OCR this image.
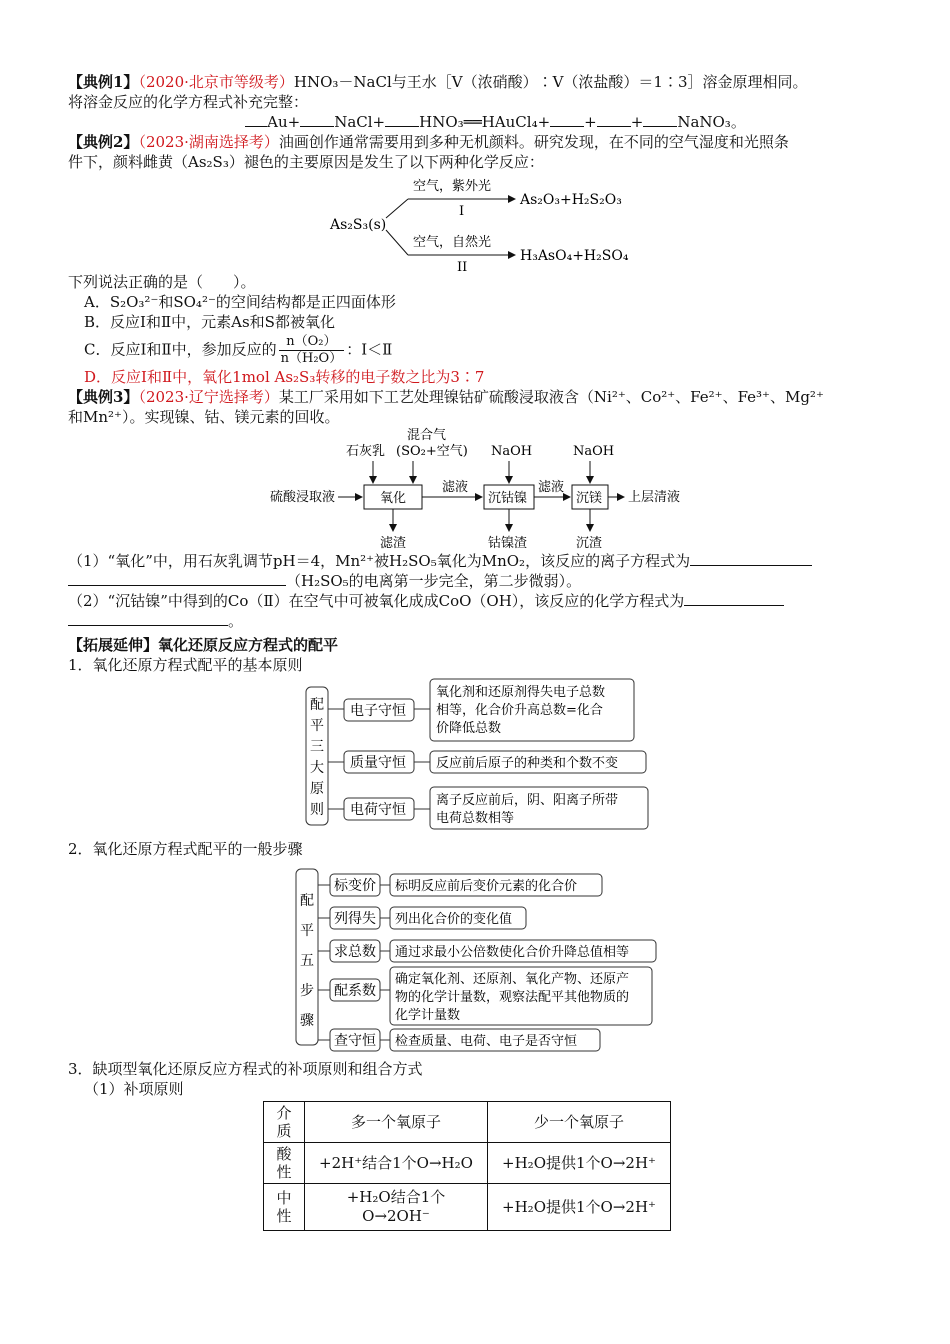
【典例1】（2020·北京市等级考）HNO₃－NaCl与王水［V（浓硝酸）∶V（浓盐酸）＝1∶3］溶金原理相同。

将溶金反应的化学方程式补充完整：

Au+ NaCl+ HNO₃══HAuCl₄+ + + NaNO₃。

【典例2】（2023·湖南选择考）油画创作通常需要用到多种无机颜料。研究发现，在不同的空气湿度和光照条

件下，颜料雌黄（As₂S₃）褪色的主要原因是发生了以下两种化学反应：

As₂S₃(s)
空气，紫外光
I
As₂O₃+H₂S₂O₃
空气，自然光
II
H₃AsO₄+H₂SO₄

下列说法正确的是（　　）。

A．S₂O₃²⁻和SO₄²⁻的空间结构都是正四面体形

B．反应Ⅰ和Ⅱ中，元素As和S都被氧化

C．反应Ⅰ和Ⅱ中，参加反应的 $\frac{\text{n（O₂）}}{\text{n（H₂O）}}$ ：Ⅰ＜Ⅱ

D．反应Ⅰ和Ⅱ中，氧化1mol As₂S₃转移的电子数之比为3∶7

【典例3】（2023·辽宁选择考）某工厂采用如下工艺处理镍钴矿硫酸浸取液含（Ni²⁺、Co²⁺、Fe²⁺、Fe³⁺、Mg²⁺

和Mn²⁺）。实现镍、钴、镁元素的回收。

硫酸浸取液	氧化
石灰乳
混合气
(SO₂+空气)
滤渣
滤液
沉钴镍
NaOH
钴镍渣
滤液
沉镁
NaOH
沉渣
上层清液

（1）“氧化”中，用石灰乳调节pH＝4，Mn²⁺被H₂SO₅氧化为MnO₂，该反应的离子方程式为

（H₂SO₅的电离第一步完全，第二步微弱）。

（2）“沉钴镍”中得到的Co（Ⅱ）在空气中可被氧化成成CoO（OH），该反应的化学方程式为

。

【拓展延伸】氧化还原反应方程式的配平

1．氧化还原方程式配平的基本原则

配
平
三
大
原
则
电子守恒
氧化剂和还原剂得失电子总数
相等，化合价升高总数=化合
价降低总数
质量守恒 反应前后原子的种类和个数不变
电荷守恒
离子反应前后，阴、阳离子所带
电荷总数相等

2．氧化还原方程式配平的一般步骤

配
平
五
步
骤
标变价 标明反应前后变价元素的化合价
列得失 列出化合价的变化值
求总数 通过求最小公倍数使化合价升降总值相等
配系数
确定氧化剂、还原剂、氧化产物、还原产
物的化学计量数，观察法配平其他物质的
化学计量数
查守恒 检查质量、电荷、电子是否守恒

3．缺项型氧化还原反应方程式的补项原则和组合方式

（1）补项原则

介质	多一个氧原子	少一个氧原子
酸性	+2H⁺结合1个O→H₂O	+H₂O提供1个O→2H⁺
中性	+H₂O结合1个
O→2OH⁻	+H₂O提供1个O→2H⁺
